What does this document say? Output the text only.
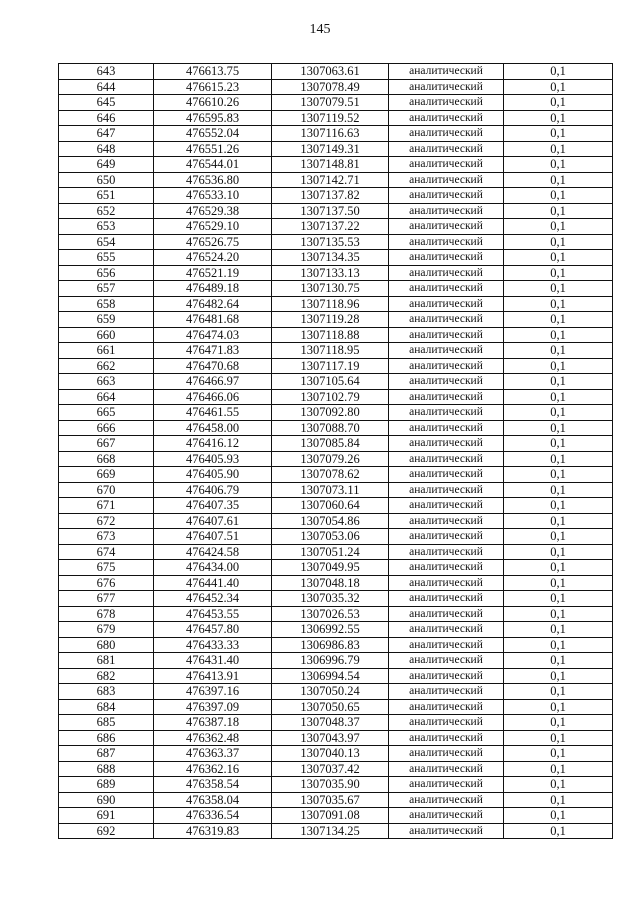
145
643	476613.75	1307063.61	аналитический	0,1
644	476615.23	1307078.49	аналитический	0,1
645	476610.26	1307079.51	аналитический	0,1
646	476595.83	1307119.52	аналитический	0,1
647	476552.04	1307116.63	аналитический	0,1
648	476551.26	1307149.31	аналитический	0,1
649	476544.01	1307148.81	аналитический	0,1
650	476536.80	1307142.71	аналитический	0,1
651	476533.10	1307137.82	аналитический	0,1
652	476529.38	1307137.50	аналитический	0,1
653	476529.10	1307137.22	аналитический	0,1
654	476526.75	1307135.53	аналитический	0,1
655	476524.20	1307134.35	аналитический	0,1
656	476521.19	1307133.13	аналитический	0,1
657	476489.18	1307130.75	аналитический	0,1
658	476482.64	1307118.96	аналитический	0,1
659	476481.68	1307119.28	аналитический	0,1
660	476474.03	1307118.88	аналитический	0,1
661	476471.83	1307118.95	аналитический	0,1
662	476470.68	1307117.19	аналитический	0,1
663	476466.97	1307105.64	аналитический	0,1
664	476466.06	1307102.79	аналитический	0,1
665	476461.55	1307092.80	аналитический	0,1
666	476458.00	1307088.70	аналитический	0,1
667	476416.12	1307085.84	аналитический	0,1
668	476405.93	1307079.26	аналитический	0,1
669	476405.90	1307078.62	аналитический	0,1
670	476406.79	1307073.11	аналитический	0,1
671	476407.35	1307060.64	аналитический	0,1
672	476407.61	1307054.86	аналитический	0,1
673	476407.51	1307053.06	аналитический	0,1
674	476424.58	1307051.24	аналитический	0,1
675	476434.00	1307049.95	аналитический	0,1
676	476441.40	1307048.18	аналитический	0,1
677	476452.34	1307035.32	аналитический	0,1
678	476453.55	1307026.53	аналитический	0,1
679	476457.80	1306992.55	аналитический	0,1
680	476433.33	1306986.83	аналитический	0,1
681	476431.40	1306996.79	аналитический	0,1
682	476413.91	1306994.54	аналитический	0,1
683	476397.16	1307050.24	аналитический	0,1
684	476397.09	1307050.65	аналитический	0,1
685	476387.18	1307048.37	аналитический	0,1
686	476362.48	1307043.97	аналитический	0,1
687	476363.37	1307040.13	аналитический	0,1
688	476362.16	1307037.42	аналитический	0,1
689	476358.54	1307035.90	аналитический	0,1
690	476358.04	1307035.67	аналитический	0,1
691	476336.54	1307091.08	аналитический	0,1
692	476319.83	1307134.25	аналитический	0,1
